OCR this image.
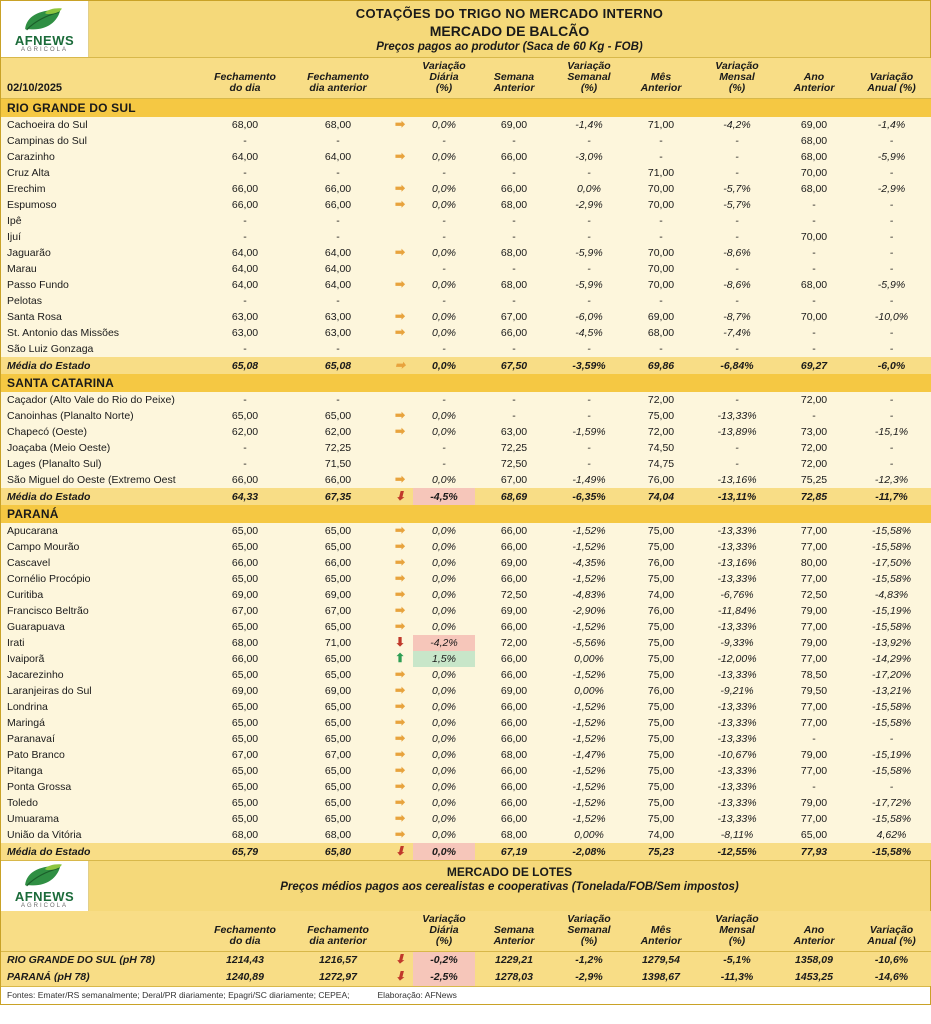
AFNEWS
AGRICOLA
COTAÇÕES DO TRIGO NO MERCADO INTERNO
MERCADO DE BALCÃO
Preços pagos ao produtor (Saca de 60 Kg - FOB)
02/10/2025	Fechamento
do dia	Fechamento
dia anterior		Variação
Diária
(%)	Semana
Anterior	Variação
Semanal
(%)	Mês
Anterior	Variação
Mensal
(%)	Ano
Anterior	Variação
Anual (%)
RIO GRANDE DO SUL										
Cachoeira do Sul	68,00	68,00	➡	0,0%	69,00	-1,4%	71,00	-4,2%	69,00	-1,4%
Campinas do Sul	-	-		-	-	-	-	-	68,00	-
Carazinho	64,00	64,00	➡	0,0%	66,00	-3,0%	-	-	68,00	-5,9%
Cruz Alta	-	-		-	-	-	71,00	-	70,00	-
Erechim	66,00	66,00	➡	0,0%	66,00	0,0%	70,00	-5,7%	68,00	-2,9%
Espumoso	66,00	66,00	➡	0,0%	68,00	-2,9%	70,00	-5,7%	-	-
Ipê	-	-		-	-	-	-	-	-	-
Ijuí	-	-		-	-	-	-	-	70,00	-
Jaguarão	64,00	64,00	➡	0,0%	68,00	-5,9%	70,00	-8,6%	-	-
Marau	64,00	64,00		-	-	-	70,00	-	-	-
Passo Fundo	64,00	64,00	➡	0,0%	68,00	-5,9%	70,00	-8,6%	68,00	-5,9%
Pelotas	-	-		-	-	-	-	-	-	-
Santa Rosa	63,00	63,00	➡	0,0%	67,00	-6,0%	69,00	-8,7%	70,00	-10,0%
St. Antonio das Missões	63,00	63,00	➡	0,0%	66,00	-4,5%	68,00	-7,4%	-	-
São Luiz Gonzaga	-	-		-	-	-	-	-	-	-
Média do Estado	65,08	65,08	➡	0,0%	67,50	-3,59%	69,86	-6,84%	69,27	-6,0%
SANTA CATARINA										
Caçador (Alto Vale do Rio do Peixe)	-	-		-	-	-	72,00	-	72,00	-
Canoinhas (Planalto Norte)	65,00	65,00	➡	0,0%	-	-	75,00	-13,33%	-	-
Chapecó (Oeste)	62,00	62,00	➡	0,0%	63,00	-1,59%	72,00	-13,89%	73,00	-15,1%
Joaçaba (Meio Oeste)	-	72,25		-	72,25	-	74,50	-	72,00	-
Lages (Planalto Sul)	-	71,50		-	72,50	-	74,75	-	72,00	-
São Miguel do Oeste (Extremo Oest	66,00	66,00	➡	0,0%	67,00	-1,49%	76,00	-13,16%	75,25	-12,3%
Média do Estado	64,33	67,35	⬇	-4,5%	68,69	-6,35%	74,04	-13,11%	72,85	-11,7%
PARANÁ										
Apucarana	65,00	65,00	➡	0,0%	66,00	-1,52%	75,00	-13,33%	77,00	-15,58%
Campo Mourão	65,00	65,00	➡	0,0%	66,00	-1,52%	75,00	-13,33%	77,00	-15,58%
Cascavel	66,00	66,00	➡	0,0%	69,00	-4,35%	76,00	-13,16%	80,00	-17,50%
Cornélio Procópio	65,00	65,00	➡	0,0%	66,00	-1,52%	75,00	-13,33%	77,00	-15,58%
Curitiba	69,00	69,00	➡	0,0%	72,50	-4,83%	74,00	-6,76%	72,50	-4,83%
Francisco Beltrão	67,00	67,00	➡	0,0%	69,00	-2,90%	76,00	-11,84%	79,00	-15,19%
Guarapuava	65,00	65,00	➡	0,0%	66,00	-1,52%	75,00	-13,33%	77,00	-15,58%
Irati	68,00	71,00	⬇	-4,2%	72,00	-5,56%	75,00	-9,33%	79,00	-13,92%
Ivaiporã	66,00	65,00	⬆	1,5%	66,00	0,00%	75,00	-12,00%	77,00	-14,29%
Jacarezinho	65,00	65,00	➡	0,0%	66,00	-1,52%	75,00	-13,33%	78,50	-17,20%
Laranjeiras do Sul	69,00	69,00	➡	0,0%	69,00	0,00%	76,00	-9,21%	79,50	-13,21%
Londrina	65,00	65,00	➡	0,0%	66,00	-1,52%	75,00	-13,33%	77,00	-15,58%
Maringá	65,00	65,00	➡	0,0%	66,00	-1,52%	75,00	-13,33%	77,00	-15,58%
Paranavaí	65,00	65,00	➡	0,0%	66,00	-1,52%	75,00	-13,33%	-	-
Pato Branco	67,00	67,00	➡	0,0%	68,00	-1,47%	75,00	-10,67%	79,00	-15,19%
Pitanga	65,00	65,00	➡	0,0%	66,00	-1,52%	75,00	-13,33%	77,00	-15,58%
Ponta Grossa	65,00	65,00	➡	0,0%	66,00	-1,52%	75,00	-13,33%	-	-
Toledo	65,00	65,00	➡	0,0%	66,00	-1,52%	75,00	-13,33%	79,00	-17,72%
Umuarama	65,00	65,00	➡	0,0%	66,00	-1,52%	75,00	-13,33%	77,00	-15,58%
União da Vitória	68,00	68,00	➡	0,0%	68,00	0,00%	74,00	-8,11%	65,00	4,62%
Média do Estado	65,79	65,80	⬇	0,0%	67,19	-2,08%	75,23	-12,55%	77,93	-15,58%
AFNEWS
AGRICOLA
MERCADO DE LOTES
Preços médios pagos aos cerealistas e cooperativas (Tonelada/FOB/Sem impostos)
	Fechamento
do dia	Fechamento
dia anterior		Variação
Diária
(%)	Semana
Anterior	Variação
Semanal
(%)	Mês
Anterior	Variação
Mensal
(%)	Ano
Anterior	Variação
Anual (%)
RIO GRANDE DO SUL (pH 78)	1214,43	1216,57	⬇	-0,2%	1229,21	-1,2%	1279,54	-5,1%	1358,09	-10,6%
PARANÁ (pH 78)	1240,89	1272,97	⬇	-2,5%	1278,03	-2,9%	1398,67	-11,3%	1453,25	-14,6%
Fontes: Emater/RS semanalmente; Deral/PR diariamente; Epagri/SC diariamente; CEPEA;	Elaboração: AFNews
